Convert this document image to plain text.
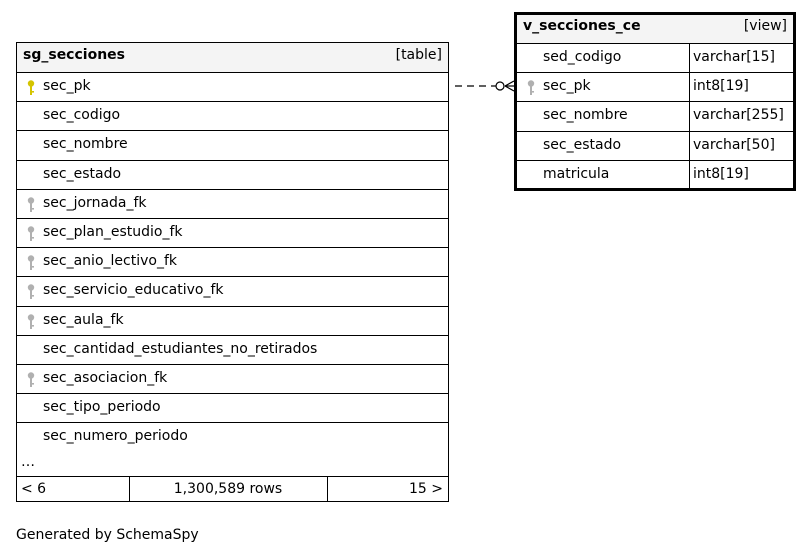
sg_secciones	[table]
sec_pk
sec_codigo
sec_nombre
sec_estado
sec_jornada_fk
sec_plan_estudio_fk
sec_anio_lectivo_fk
sec_servicio_educativo_fk
sec_aula_fk
sec_cantidad_estudiantes_no_retirados
sec_asociacion_fk
sec_tipo_periodo
sec_numero_periodo
…
< 6	1,300,589 rows	15 >
v_secciones_ce	[view]
sed_codigo	varchar[15]
sec_pk	int8[19]
sec_nombre	varchar[255]
sec_estado	varchar[50]
matricula	int8[19]
Generated by SchemaSpy
